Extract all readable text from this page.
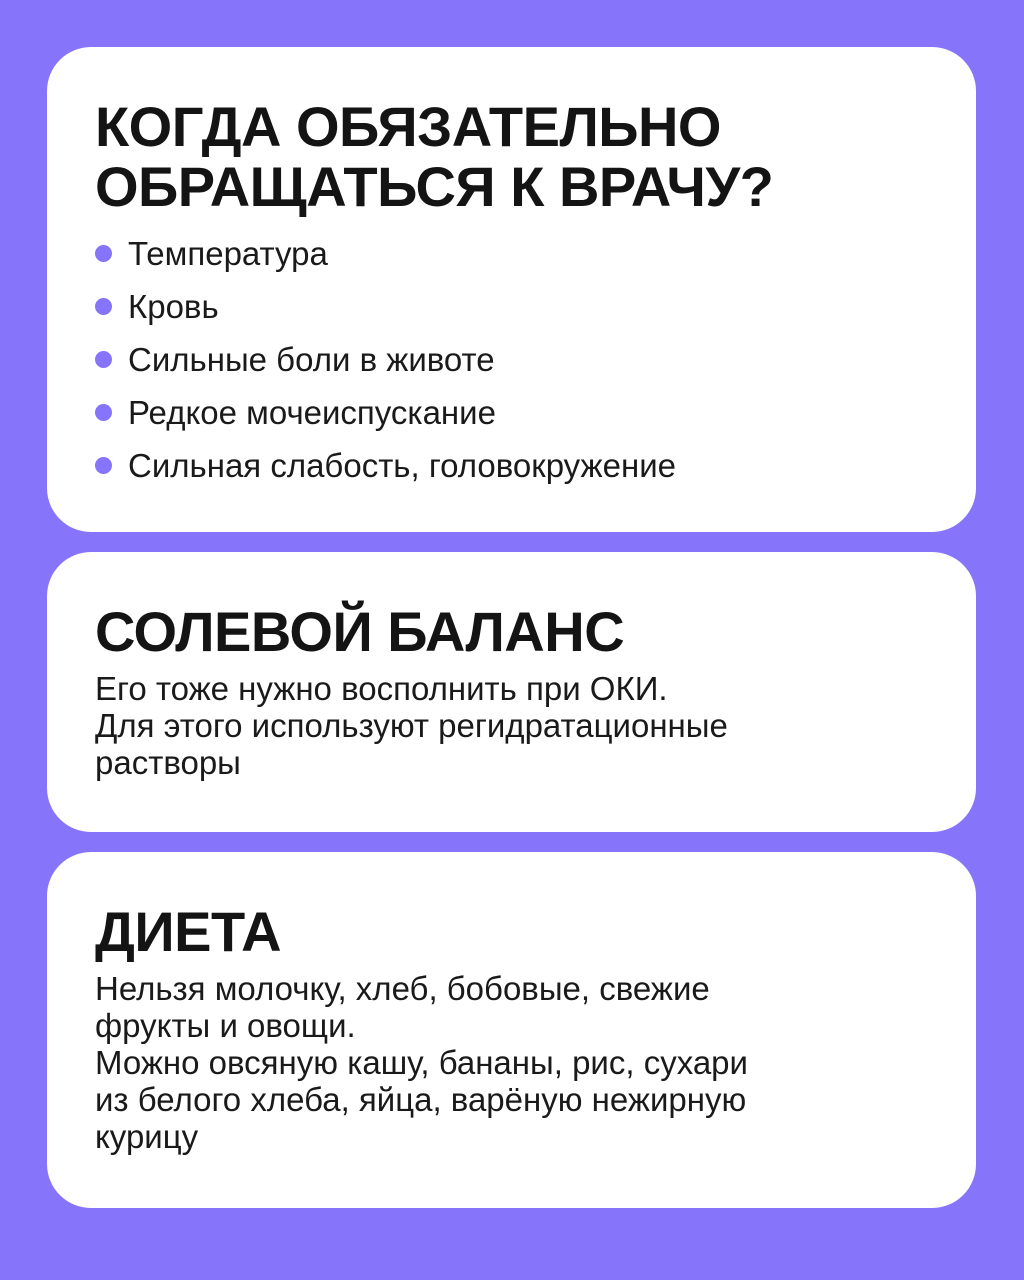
КОГДА ОБЯЗАТЕЛЬНО
ОБРАЩАТЬСЯ К ВРАЧУ?
Температура
Кровь
Сильные боли в животе
Редкое мочеиспускание
Сильная слабость, головокружение
СОЛЕВОЙ БАЛАНС

Его тоже нужно восполнить при ОКИ.
Для этого используют регидратационные
растворы

ДИЕТА

Нельзя молочку, хлеб, бобовые, свежие
фрукты и овощи.
Можно овсяную кашу, бананы, рис, сухари
из белого хлеба, яйца, варёную нежирную
курицу
